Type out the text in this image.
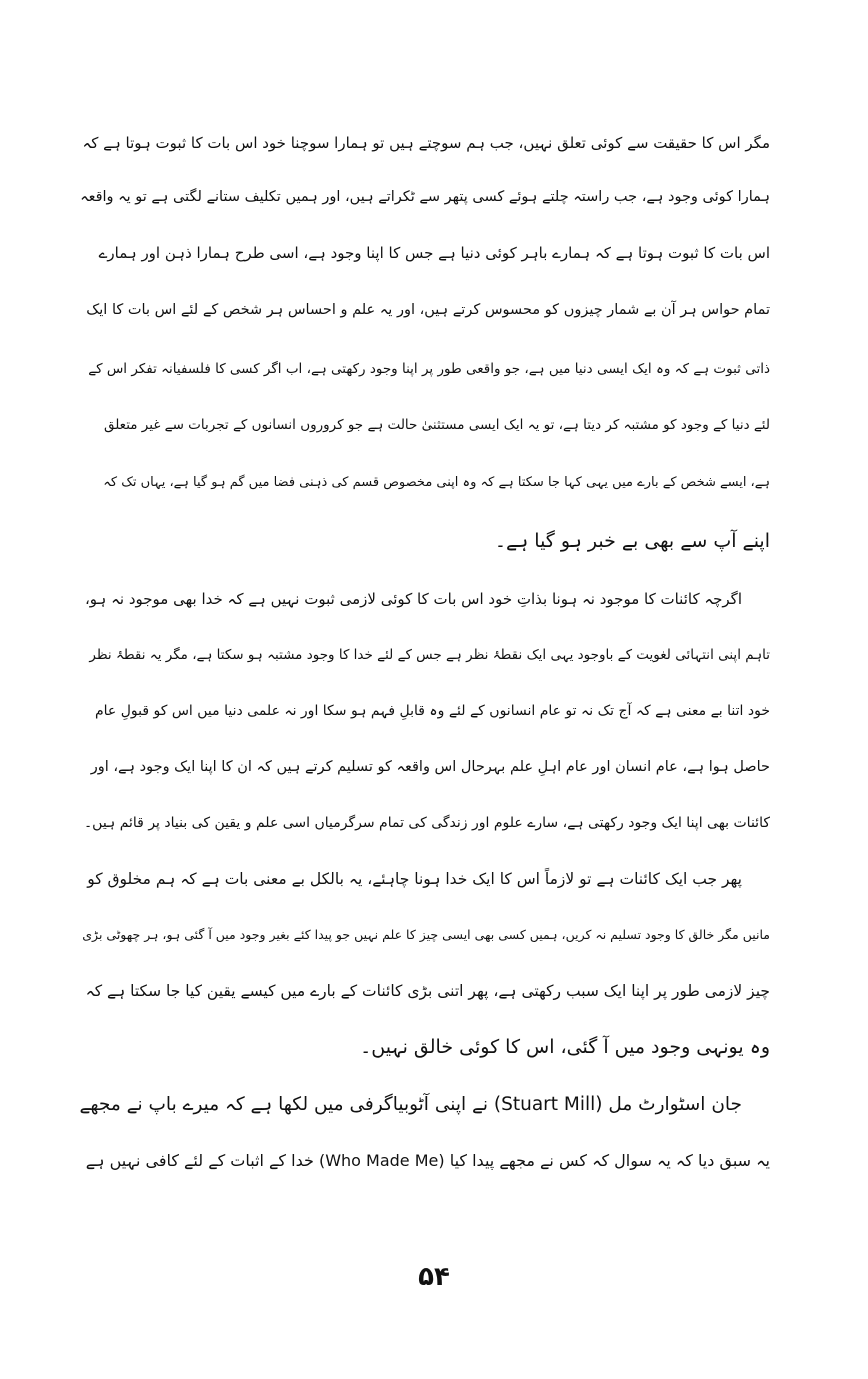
مگر اس کا حقیقت سے کوئی تعلق نہیں، جب ہم سوچتے ہیں تو ہمارا سوچنا خود اس بات کا ثبوت ہوتا ہے کہ
ہمارا کوئی وجود ہے، جب راستہ چلتے ہوئے کسی پتھر سے ٹکراتے ہیں، اور ہمیں تکلیف ستانے لگتی ہے تو یہ واقعہ
اس بات کا ثبوت ہوتا ہے کہ ہمارے باہر کوئی دنیا ہے جس کا اپنا وجود ہے، اسی طرح ہمارا ذہن اور ہمارے
تمام حواس ہر آن بے شمار چیزوں کو محسوس کرتے ہیں، اور یہ علم و احساس ہر شخص کے لئے اس بات کا ایک
ذاتی ثبوت ہے کہ وہ ایک ایسی دنیا میں ہے، جو واقعی طور پر اپنا وجود رکھتی ہے، اب اگر کسی کا فلسفیانہ تفکر اس کے
لئے دنیا کے وجود کو مشتبہ کر دیتا ہے، تو یہ ایک ایسی مستثنیٰ حالت ہے جو کروروں انسانوں کے تجربات سے غیر متعلق
ہے، ایسے شخص کے بارے میں یہی کہا جا سکتا ہے کہ وہ اپنی مخصوص قسم کی ذہنی فضا میں گم ہو گیا ہے، یہاں تک کہ
اپنے آپ سے بھی بے خبر ہو گیا ہے۔
اگرچہ کائنات کا موجود نہ ہونا بذاتِ خود اس بات کا کوئی لازمی ثبوت نہیں ہے کہ خدا بھی موجود نہ ہو،
تاہم اپنی انتہائی لغویت کے باوجود یہی ایک نقطۂ نظر ہے جس کے لئے خدا کا وجود مشتبہ ہو سکتا ہے، مگر یہ نقطۂ نظر
خود اتنا بے معنی ہے کہ آج تک نہ تو عام انسانوں کے لئے وہ قابلِ فہم ہو سکا اور نہ علمی دنیا میں اس کو قبولِ عام
حاصل ہوا ہے، عام انسان اور عام اہلِ علم بہرحال اس واقعہ کو تسلیم کرتے ہیں کہ ان کا اپنا ایک وجود ہے، اور
کائنات بھی اپنا ایک وجود رکھتی ہے، سارے علوم اور زندگی کی تمام سرگرمیاں اسی علم و یقین کی بنیاد پر قائم ہیں۔
پھر جب ایک کائنات ہے تو لازماً اس کا ایک خدا ہونا چاہئے، یہ بالکل بے معنی بات ہے کہ ہم مخلوق کو
مانیں مگر خالق کا وجود تسلیم نہ کریں، ہمیں کسی بھی ایسی چیز کا علم نہیں جو پیدا کئے بغیر وجود میں آ گئی ہو، ہر چھوٹی بڑی
چیز لازمی طور پر اپنا ایک سبب رکھتی ہے، پھر اتنی بڑی کائنات کے بارے میں کیسے یقین کیا جا سکتا ہے کہ
وہ یونہی وجود میں آ گئی، اس کا کوئی خالق نہیں۔
جان اسٹوارٹ مل (Stuart Mill) نے اپنی آٹوبیاگرفی میں لکھا ہے کہ میرے باپ نے مجھے
یہ سبق دیا کہ یہ سوال کہ کس نے مجھے پیدا کیا (Who Made Me) خدا کے اثبات کے لئے کافی نہیں ہے
۵۴
